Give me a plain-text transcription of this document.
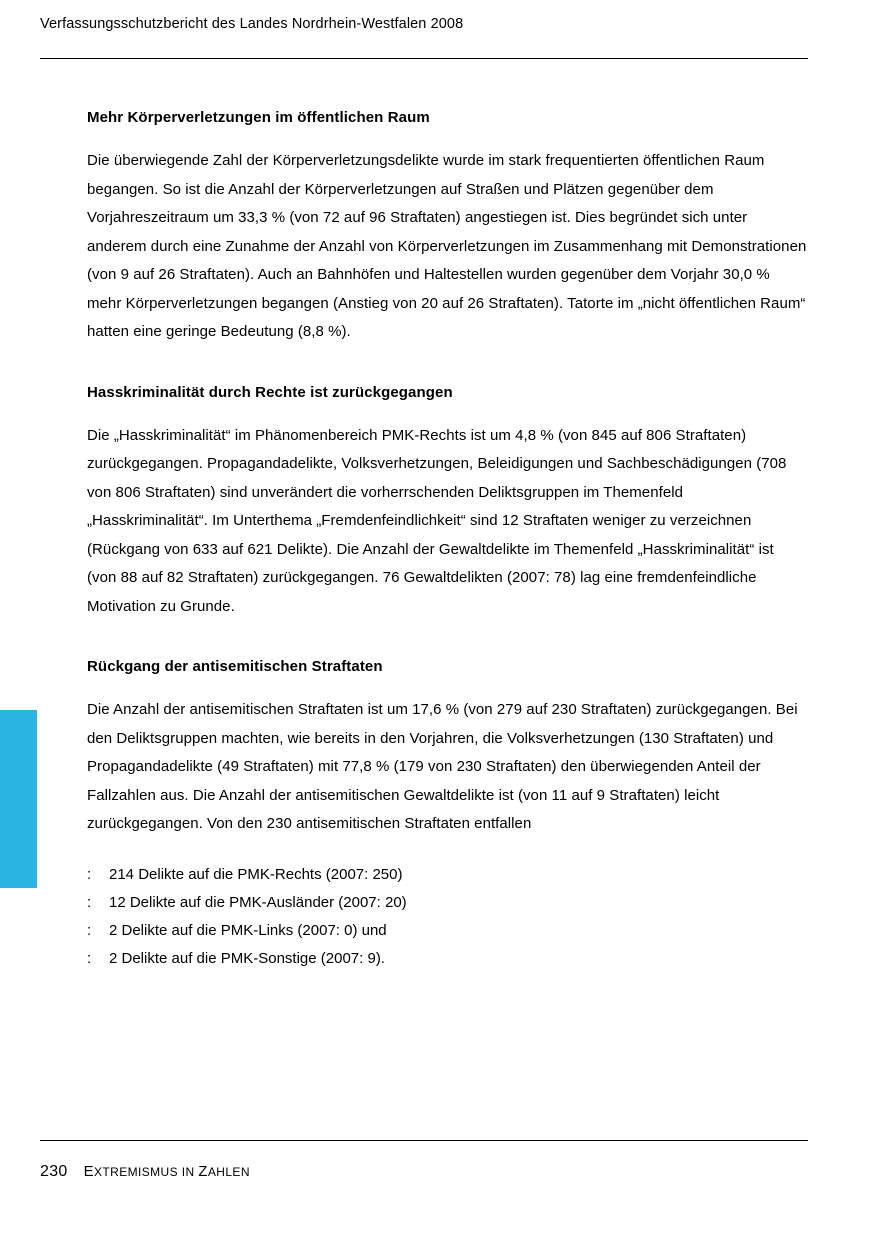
Verfassungsschutzbericht des Landes Nordrhein-Westfalen 2008
Mehr Körperverletzungen im öffentlichen Raum

Die überwiegende Zahl der Körperverletzungsdelikte wurde im stark frequentierten öffentlichen Raum begangen. So ist die Anzahl der Körperverletzungen auf Straßen und Plätzen gegenüber dem Vorjahreszeitraum um 33,3 % (von 72 auf 96 Straftaten) angestiegen ist. Dies begründet sich unter anderem durch eine Zunahme der Anzahl von Körperverletzungen im Zusammenhang mit Demonstrationen (von 9 auf 26 Straftaten). Auch an Bahnhöfen und Haltestellen wurden gegenüber dem Vorjahr 30,0 % mehr Körperverletzungen begangen (Anstieg von 20 auf 26 Straftaten). Tatorte im „nicht öffentlichen Raum“ hatten eine geringe Bedeutung (8,8 %).

Hasskriminalität durch Rechte ist zurückgegangen

Die „Hasskriminalität“ im Phänomenbereich PMK-Rechts ist um 4,8 % (von 845 auf 806 Straftaten) zurückgegangen. Propagandadelikte, Volksverhetzungen, Beleidigungen und Sachbeschädigungen (708 von 806 Straftaten) sind unverändert die vorherrschenden Deliktsgruppen im Themenfeld „Hasskriminalität“. Im Unterthema „Fremdenfeindlichkeit“ sind 12 Straftaten weniger zu verzeichnen (Rückgang von 633 auf 621 Delikte). Die Anzahl der Gewaltdelikte im Themenfeld „Hasskriminalität“ ist (von 88 auf 82 Straftaten) zurückgegangen. 76 Gewaltdelikten (2007: 78) lag eine fremdenfeindliche Motivation zu Grunde.

Rückgang der antisemitischen Straftaten

Die Anzahl der antisemitischen Straftaten ist um 17,6 % (von 279 auf 230 Straftaten) zurückgegangen. Bei den Deliktsgruppen machten, wie bereits in den Vorjahren, die Volksverhetzungen (130 Straftaten) und Propagandadelikte (49 Straftaten) mit 77,8 % (179 von 230 Straftaten) den überwiegenden Anteil der Fallzahlen aus. Die Anzahl der antisemitischen Gewaltdelikte ist (von 11 auf 9 Straftaten) leicht zurückgegangen. Von den 230 antisemitischen Straftaten entfallen

:	214 Delikte auf die PMK-Rechts (2007: 250)
:	12 Delikte auf die PMK-Ausländer (2007: 20)
:	2 Delikte auf die PMK-Links (2007: 0) und
:	2 Delikte auf die PMK-Sonstige (2007: 9).
230 EXTREMISMUS IN ZAHLEN
